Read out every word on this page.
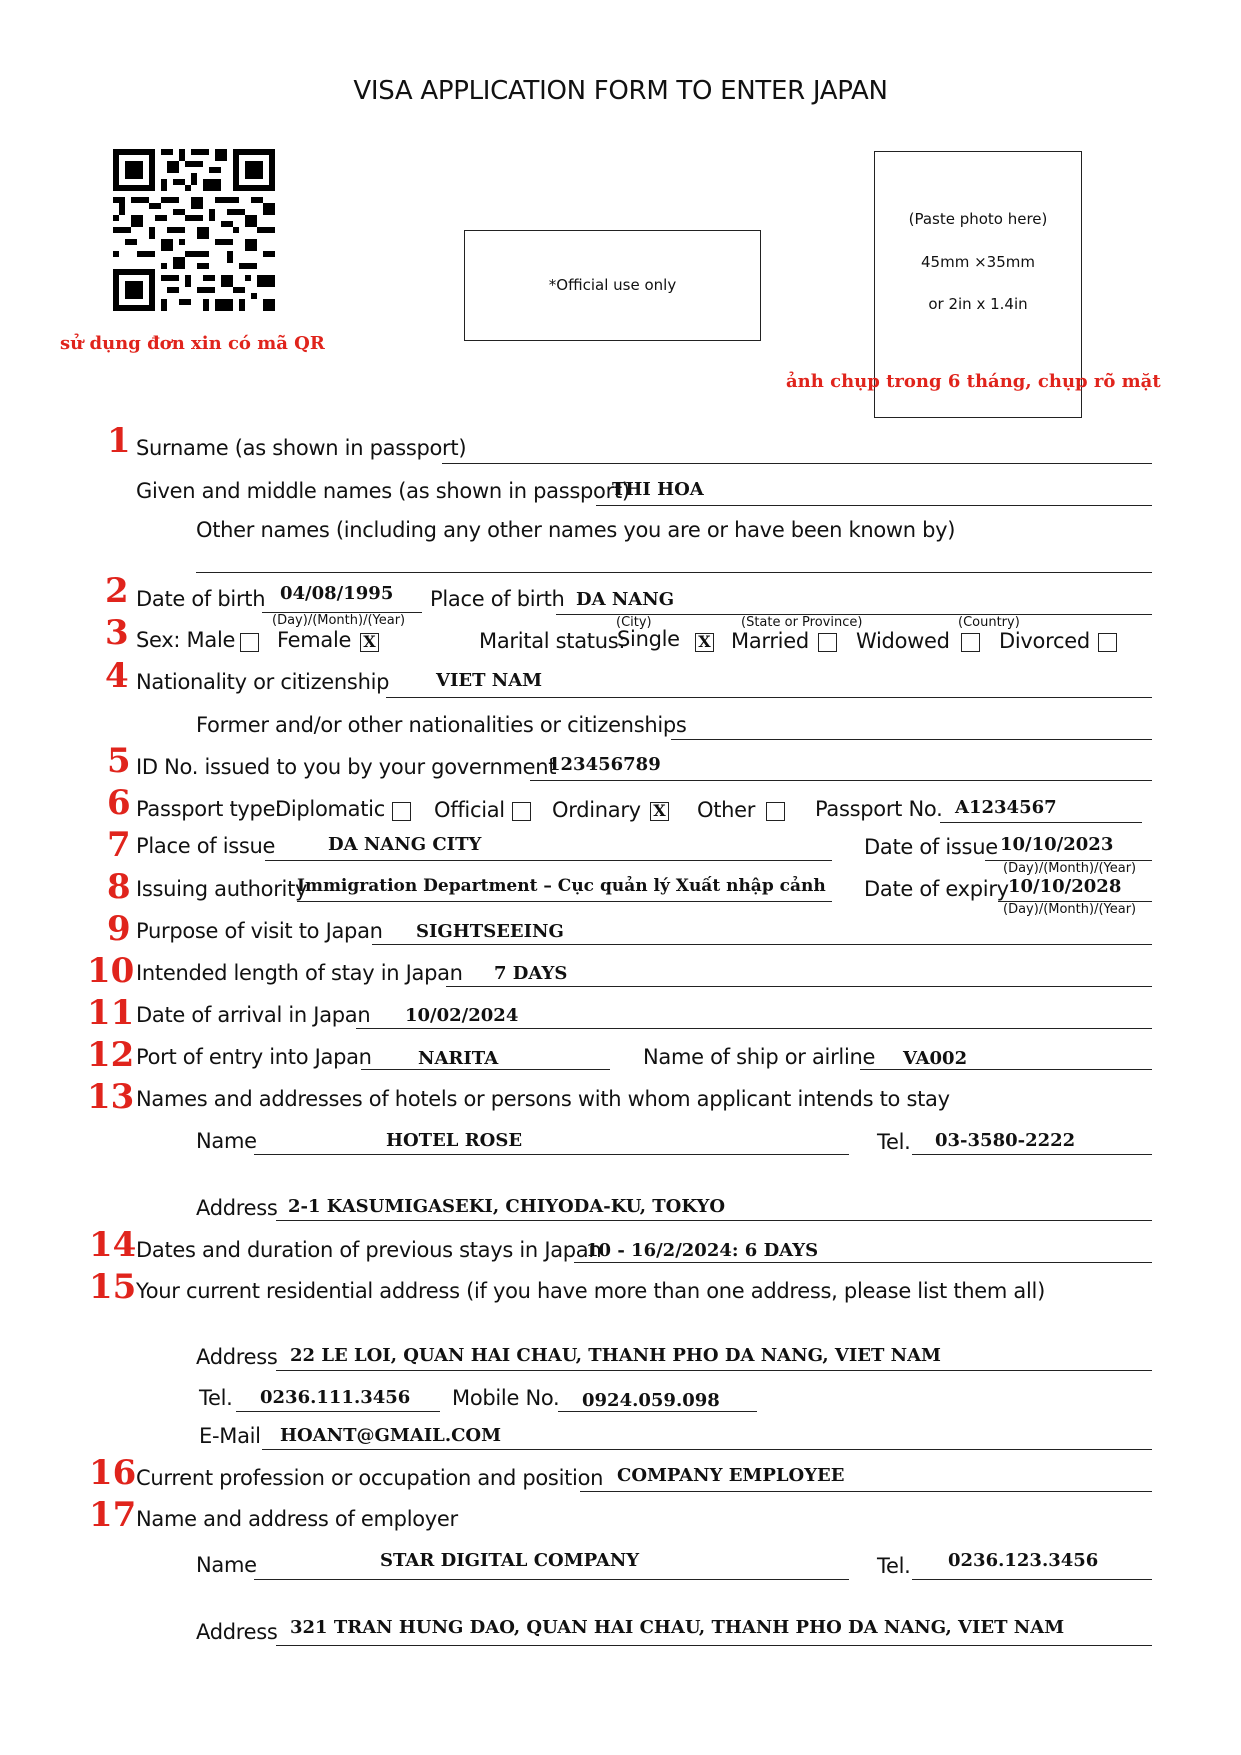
VISA APPLICATION FORM TO ENTER JAPAN
sử dụng đơn xin có mã QR
*Official use only
(Paste photo here)
45mm ×35mm
or 2in x 1.4in
ảnh chụp trong 6 tháng, chụp rõ mặt
1
2
3
4
5
6
7
8
9
10
11
12
13
14
15
16
17
Surname (as shown in passport)
Given and middle names (as shown in passport)
THI HOA
Other names (including any other names you are or have been known by)
Date of birth 04/08/1995
(Day)/(Month)/(Year)
Place of birth DA NANG
(City)	(State or Province)	(Country)
Sex: Male Female X	Marital status:
Single X Married Widowed Divorced
Nationality or citizenship	VIET NAM
Former and/or other nationalities or citizenships
ID No. issued to you by your government
123456789
Passport type:
Diplomatic Official Ordinary X Other	Passport No. A1234567
Place of issue	DA NANG CITY	Date of issue 10/10/2023
(Day)/(Month)/(Year)
Issuing authority
Immigration Department – Cục quản lý Xuất nhập cảnh Date of expiry 10/10/2028
(Day)/(Month)/(Year)
Purpose of visit to Japan SIGHTSEEING
Intended length of stay in Japan 7 DAYS
Date of arrival in Japan 10/02/2024
Port of entry into Japan	NARITA	Name of ship or airline VA002
Names and addresses of hotels or persons with whom applicant intends to stay
Name	HOTEL ROSE	Tel. 03-3580-2222
Address 2-1 KASUMIGASEKI, CHIYODA-KU, TOKYO
Dates and duration of previous stays in Japan
10 - 16/2/2024: 6 DAYS
Your current residential address (if you have more than one address, please list them all)
Address 22 LE LOI, QUAN HAI CHAU, THANH PHO DA NANG, VIET NAM
Tel. 0236.111.3456 Mobile No. 0924.059.098
E-Mail HOANT@GMAIL.COM
Current profession or occupation and position COMPANY EMPLOYEE
Name and address of employer
Name	STAR DIGITAL COMPANY	Tel. 0236.123.3456
Address 321 TRAN HUNG DAO, QUAN HAI CHAU, THANH PHO DA NANG, VIET NAM
